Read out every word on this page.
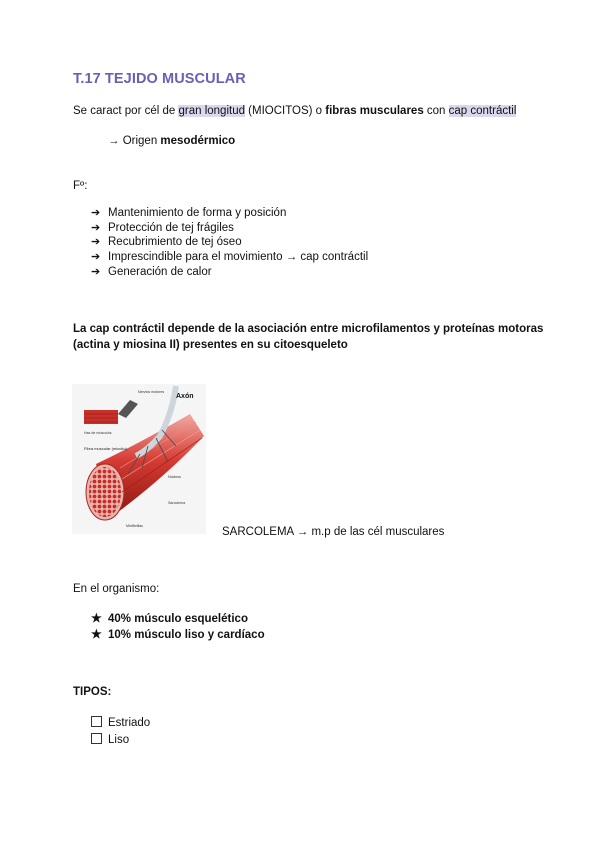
T.17 TEJIDO MUSCULAR
Se caract por cél de gran longitud (MIOCITOS) o fibras musculares con cap contráctil
→ Origen mesodérmico
Fº:
➔ Mantenimiento de forma y posición
➔ Protección de tej frágiles
➔ Recubrimiento de tej óseo
➔ Imprescindible para el movimiento → cap contráctil
➔ Generación de calor
La cap contráctil depende de la asociación entre microfilamentos y proteínas motoras
(actina y miosina II) presentes en su citoesqueleto
Axón
Nervios motores
Haz de músculos
Fibra muscular (miocito)
Núcleos
Sarcolema
Miofibrillas	SARCOLEMA → m.p de las cél musculares
En el organismo:
★ 40% músculo esquelético
★ 10% músculo liso y cardíaco
TIPOS:
Estriado
Liso
